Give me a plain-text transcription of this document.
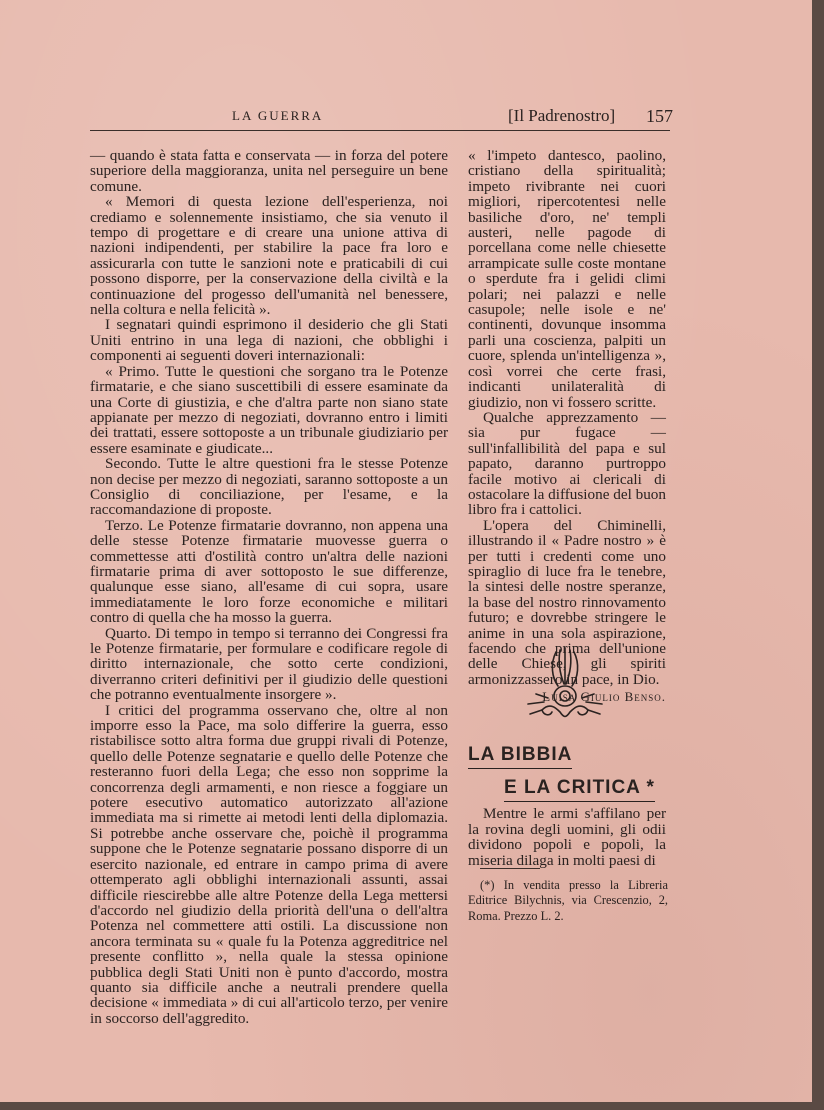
LA GUERRA	[Il Padrenostro] 157

— quando è stata fatta e conservata — in forza del potere superiore della maggioranza, unita nel perseguire un bene comune.

« Memori di questa lezione dell'esperienza, noi crediamo e solennemente insistiamo, che sia venuto il tempo di progettare e di creare una unione attiva di nazioni indipendenti, per stabilire la pace fra loro e assicurarla con tutte le sanzioni note e praticabili di cui possono disporre, per la conservazione della civiltà e la continuazione del progesso dell'umanità nel benessere, nella coltura e nella felicità ».

I segnatari quindi esprimono il desiderio che gli Stati Uniti entrino in una lega di nazioni, che obblighi i componenti ai seguenti doveri internazionali:

« Primo. Tutte le questioni che sorgano tra le Potenze firmatarie, e che siano suscettibili di essere esaminate da una Corte di giustizia, e che d'altra parte non siano state appianate per mezzo di negoziati, dovranno entro i limiti dei trattati, essere sottoposte a un tribunale giudiziario per essere esaminate e giudicate...

Secondo. Tutte le altre questioni fra le stesse Potenze non decise per mezzo di negoziati, saranno sottoposte a un Consiglio di conciliazione, per l'esame, e la raccomandazione di proposte.

Terzo. Le Potenze firmatarie dovranno, non appena una delle stesse Potenze firmatarie muovesse guerra o commettesse atti d'ostilità contro un'altra delle nazioni firmatarie prima di aver sottoposto le sue differenze, qualunque esse siano, all'esame di cui sopra, usare immediatamente le loro forze economiche e militari contro di quella che ha mosso la guerra.

Quarto. Di tempo in tempo si terranno dei Congressi fra le Potenze firmatarie, per formulare e codificare regole di diritto internazionale, che sotto certe condizioni, diverranno criteri definitivi per il giudizio delle questioni che potranno eventualmente insorgere ».

I critici del programma osservano che, oltre al non imporre esso la Pace, ma solo differire la guerra, esso ristabilisce sotto altra forma due gruppi rivali di Potenze, quello delle Potenze segnatarie e quello delle Potenze che resteranno fuori della Lega; che esso non sopprime la concorrenza degli armamenti, e non riesce a foggiare un potere esecutivo automatico autorizzato all'azione immediata ma si rimette ai metodi lenti della diplomazia. Si potrebbe anche osservare che, poichè il programma suppone che le Potenze segnatarie possano disporre di un esercito nazionale, ed entrare in campo prima di avere ottemperato agli obblighi internazionali assunti, assai difficile riescirebbe alle altre Potenze della Lega mettersi d'accordo nel giudizio della priorità dell'una o dell'altra Potenza nel commettere atti ostili. La discussione non ancora terminata su « quale fu la Potenza aggreditrice nel presente conflitto », nella quale la stessa opinione pubblica degli Stati Uniti non è punto d'accordo, mostra quanto sia difficile anche a neutrali prendere quella decisione « immediata » di cui all'articolo terzo, per venire in soccorso dell'aggredito.

« l'impeto dantesco, paolino, cristiano della spiritualità; impeto rivibrante nei cuori migliori, ripercotentesi nelle basiliche d'oro, ne' templi austeri, nelle pagode di porcellana come nelle chiesette arrampicate sulle coste montane o sperdute fra i gelidi climi polari; nei palazzi e nelle casupole; nelle isole e ne' continenti, dovunque insomma parli una coscienza, palpiti un cuore, splenda un'intelligenza », così vorrei che certe frasi, indicanti unilateralità di giudizio, non vi fossero scritte.

Qualche apprezzamento — sia pur fugace — sull'infallibilità del papa e sul papato, daranno purtroppo facile motivo ai clericali di ostacolare la diffusione del buon libro fra i cattolici.

L'opera del Chiminelli, illustrando il « Padre nostro » è per tutti i credenti come uno spiraglio di luce fra le tenebre, la sintesi delle nostre speranze, la base del nostro rinnovamento futuro; e dovrebbe stringere le anime in una sola aspirazione, facendo che prima dell'unione delle Chiese, gli spiriti armonizzassero in pace, in Dio.

Luisa Giulio Benso.
LA BIBBIA
E LA CRITICA *

Mentre le armi s'affilano per la rovina degli uomini, gli odii dividono popoli e popoli, la miseria dilaga in molti paesi di

(*) In vendita presso la Libreria Editrice Bilychnis, via Crescenzio, 2, Roma. Prezzo L. 2.
